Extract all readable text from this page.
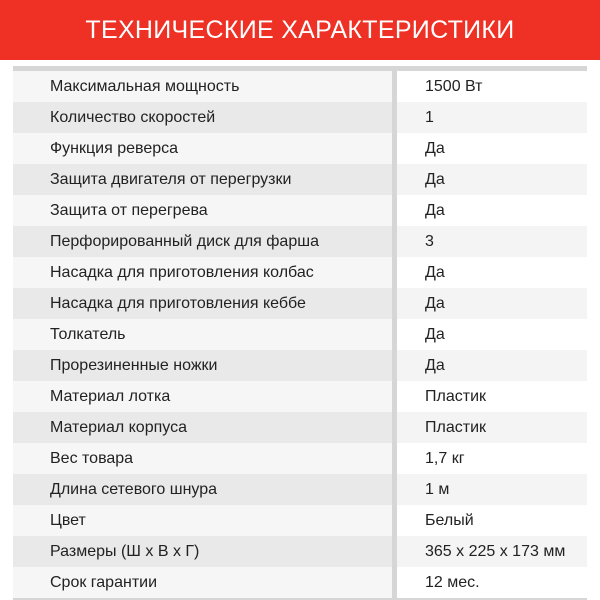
ТЕХНИЧЕСКИЕ ХАРАКТЕРИСТИКИ
Максимальная мощность	1500 Вт
Количество скоростей	1
Функция реверса	Да
Защита двигателя от перегрузки	Да
Защита от перегрева	Да
Перфорированный диск для фарша	3
Насадка для приготовления колбас	Да
Насадка для приготовления кеббе	Да
Толкатель	Да
Прорезиненные ножки	Да
Материал лотка	Пластик
Материал корпуса	Пластик
Вес товара	1,7 кг
Длина сетевого шнура	1 м
Цвет	Белый
Размеры (Ш х В х Г)	365 х 225 х 173 мм
Срок гарантии	12 мес.
